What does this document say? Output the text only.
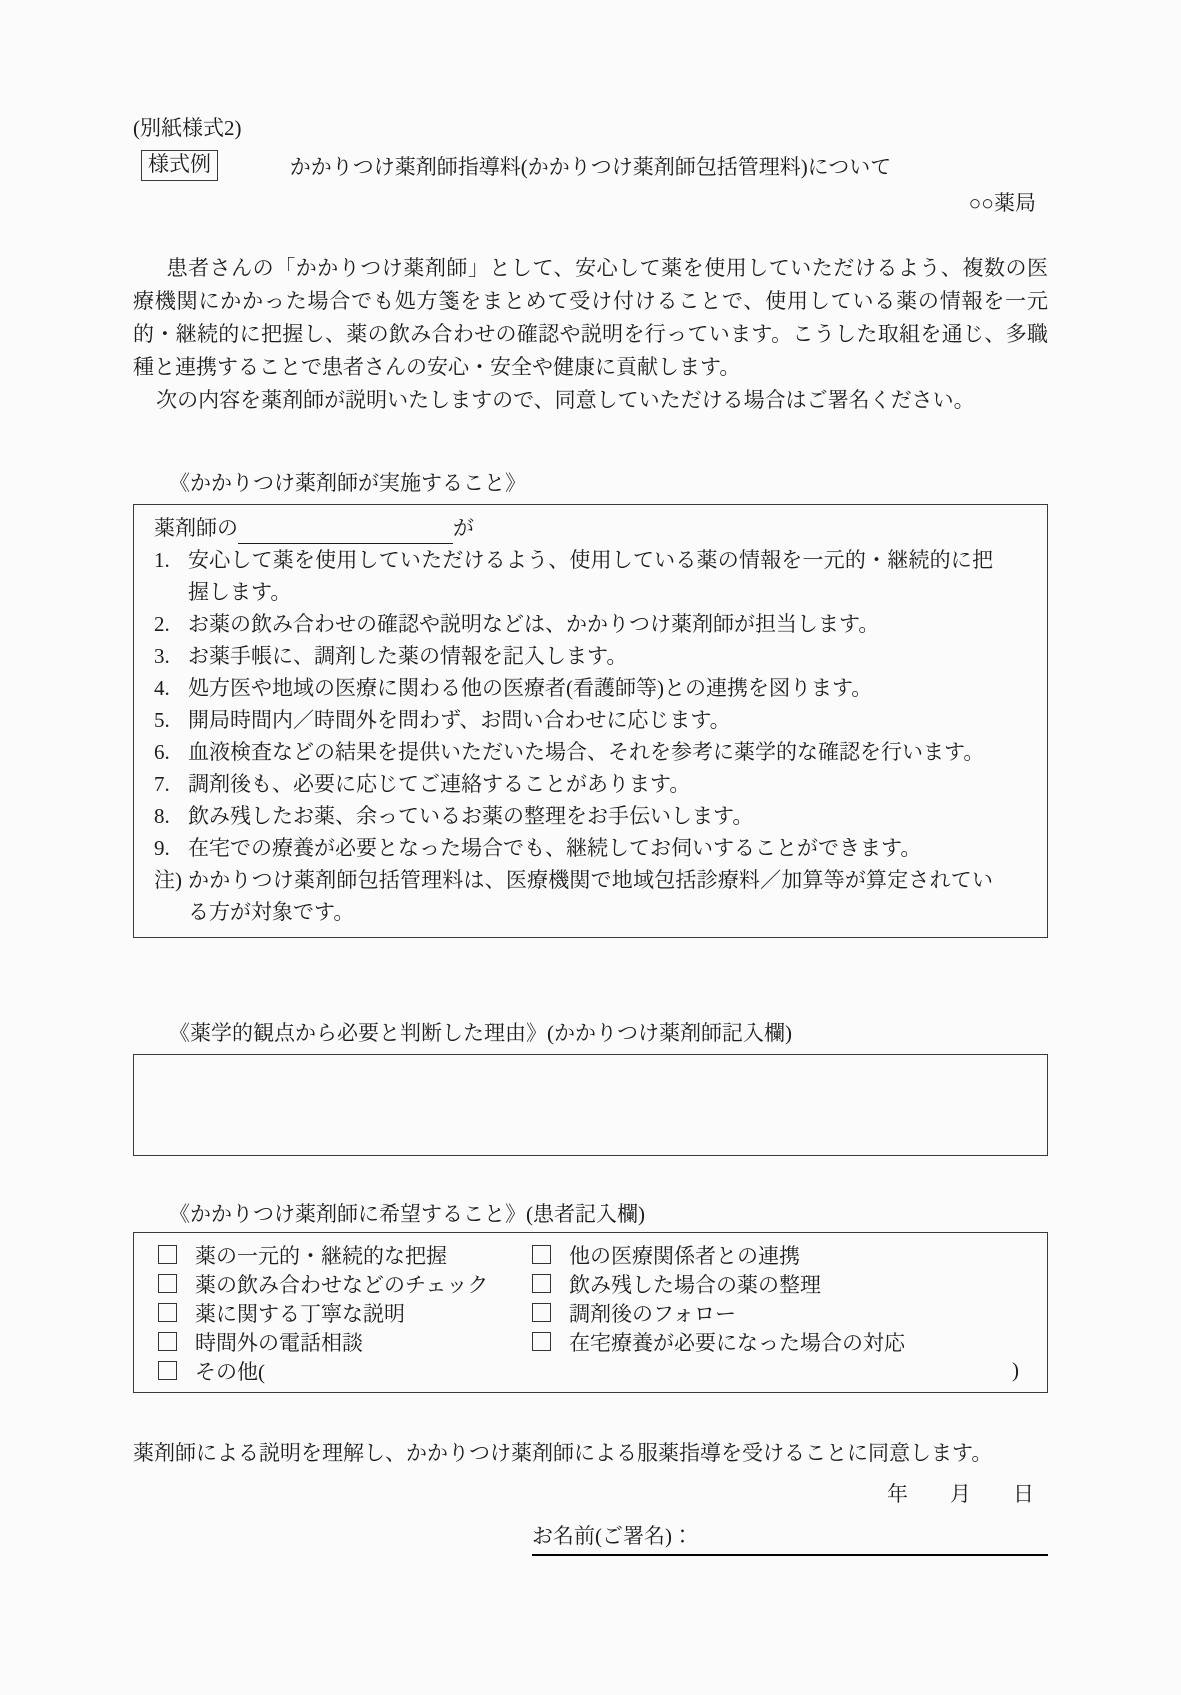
(別紙様式2)
様式例	かかりつけ薬剤師指導料(かかりつけ薬剤師包括管理料)について
○○薬局

患者さんの「かかりつけ薬剤師」として、安心して薬を使用していただけるよう、複数の医療機関にかかった場合でも処方箋をまとめて受け付けることで、使用している薬の情報を一元的・継続的に把握し、薬の飲み合わせの確認や説明を行っています。こうした取組を通じ、多職種と連携することで患者さんの安心・安全や健康に貢献します。

次の内容を薬剤師が説明いたしますので、同意していただける場合はご署名ください。

《かかりつけ薬剤師が実施すること》
薬剤師の	が
1. 安心して薬を使用していただけるよう、使用している薬の情報を一元的・継続的に把握します。
2. お薬の飲み合わせの確認や説明などは、かかりつけ薬剤師が担当します。
3. お薬手帳に、調剤した薬の情報を記入します。
4. 処方医や地域の医療に関わる他の医療者(看護師等)との連携を図ります。
5. 開局時間内／時間外を問わず、お問い合わせに応じます。
6. 血液検査などの結果を提供いただいた場合、それを参考に薬学的な確認を行います。
7. 調剤後も、必要に応じてご連絡することがあります。
8. 飲み残したお薬、余っているお薬の整理をお手伝いします。
9. 在宅での療養が必要となった場合でも、継続してお伺いすることができます。
注) かかりつけ薬剤師包括管理料は、医療機関で地域包括診療料／加算等が算定されている方が対象です。
《薬学的観点から必要と判断した理由》(かかりつけ薬剤師記入欄)
《かかりつけ薬剤師に希望すること》(患者記入欄)
薬の一元的・継続的な把握	他の医療関係者との連携
薬の飲み合わせなどのチェック	飲み残した場合の薬の整理
薬に関する丁寧な説明	調剤後のフォロー
時間外の電話相談	在宅療養が必要になった場合の対応
その他(	)

薬剤師による説明を理解し、かかりつけ薬剤師による服薬指導を受けることに同意します。

年　　月　　日
お名前(ご署名)：
